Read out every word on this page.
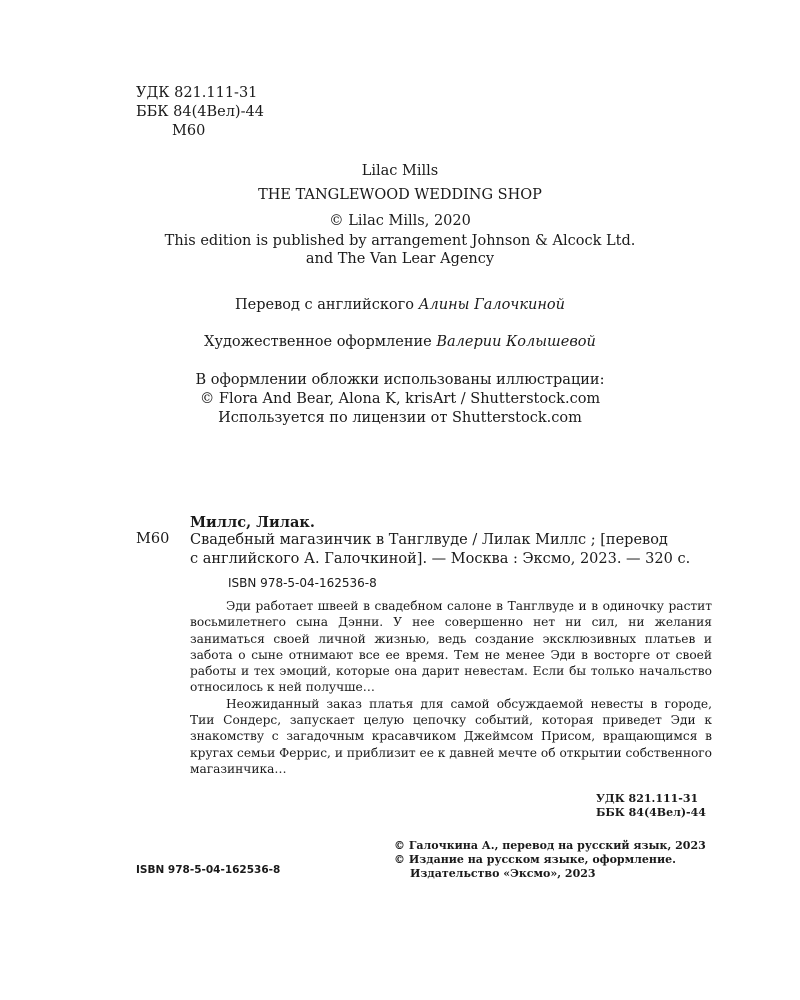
УДК 821.111-31
ББК 84(4Вел)-44
М60
Lilac Mills
THE TANGLEWOOD WEDDING SHOP
© Lilac Mills, 2020
This edition is published by arrangement Johnson & Alcock Ltd.
and The Van Lear Agency
Перевод с английского Алины Галочкиной
Художественное оформление Валерии Колышевой
В оформлении обложки использованы иллюстрации:
© Flora And Bear, Alona K, krisArt / Shutterstock.com
Используется по лицензии от Shutterstock.com
Миллс, Лилак.
М60 Свадебный магазинчик в Танглвуде / Лилак Миллс ; [перевод
с английского А. Галочкиной]. — Москва : Эксмо, 2023. — 320 с.
ISBN 978-5-04-162536-8

Эди работает швеей в свадебном салоне в Танглвуде и в одиночку растит восьмилетнего сына Дэнни. У нее совершенно нет ни сил, ни желания заниматься своей личной жизнью, ведь создание эксклюзивных платьев и забота о сыне отнимают все ее время. Тем не менее Эди в восторге от своей работы и тех эмоций, которые она дарит невестам. Если бы только начальство относилось к ней получше…

Неожиданный заказ платья для самой обсуждаемой невесты в городе, Тии Сондерс, запускает целую цепочку событий, которая приведет Эди к знакомству с загадочным красавчиком Джеймсом Присом, вращающимся в кругах семьи Феррис, и приблизит ее к давней мечте об открытии собственного магазинчика…

УДК 821.111-31
ББК 84(4Вел)-44
© Галочкина А., перевод на русский язык, 2023
© Издание на русском языке, оформление.
Издательство «Эксмо», 2023
ISBN 978-5-04-162536-8
